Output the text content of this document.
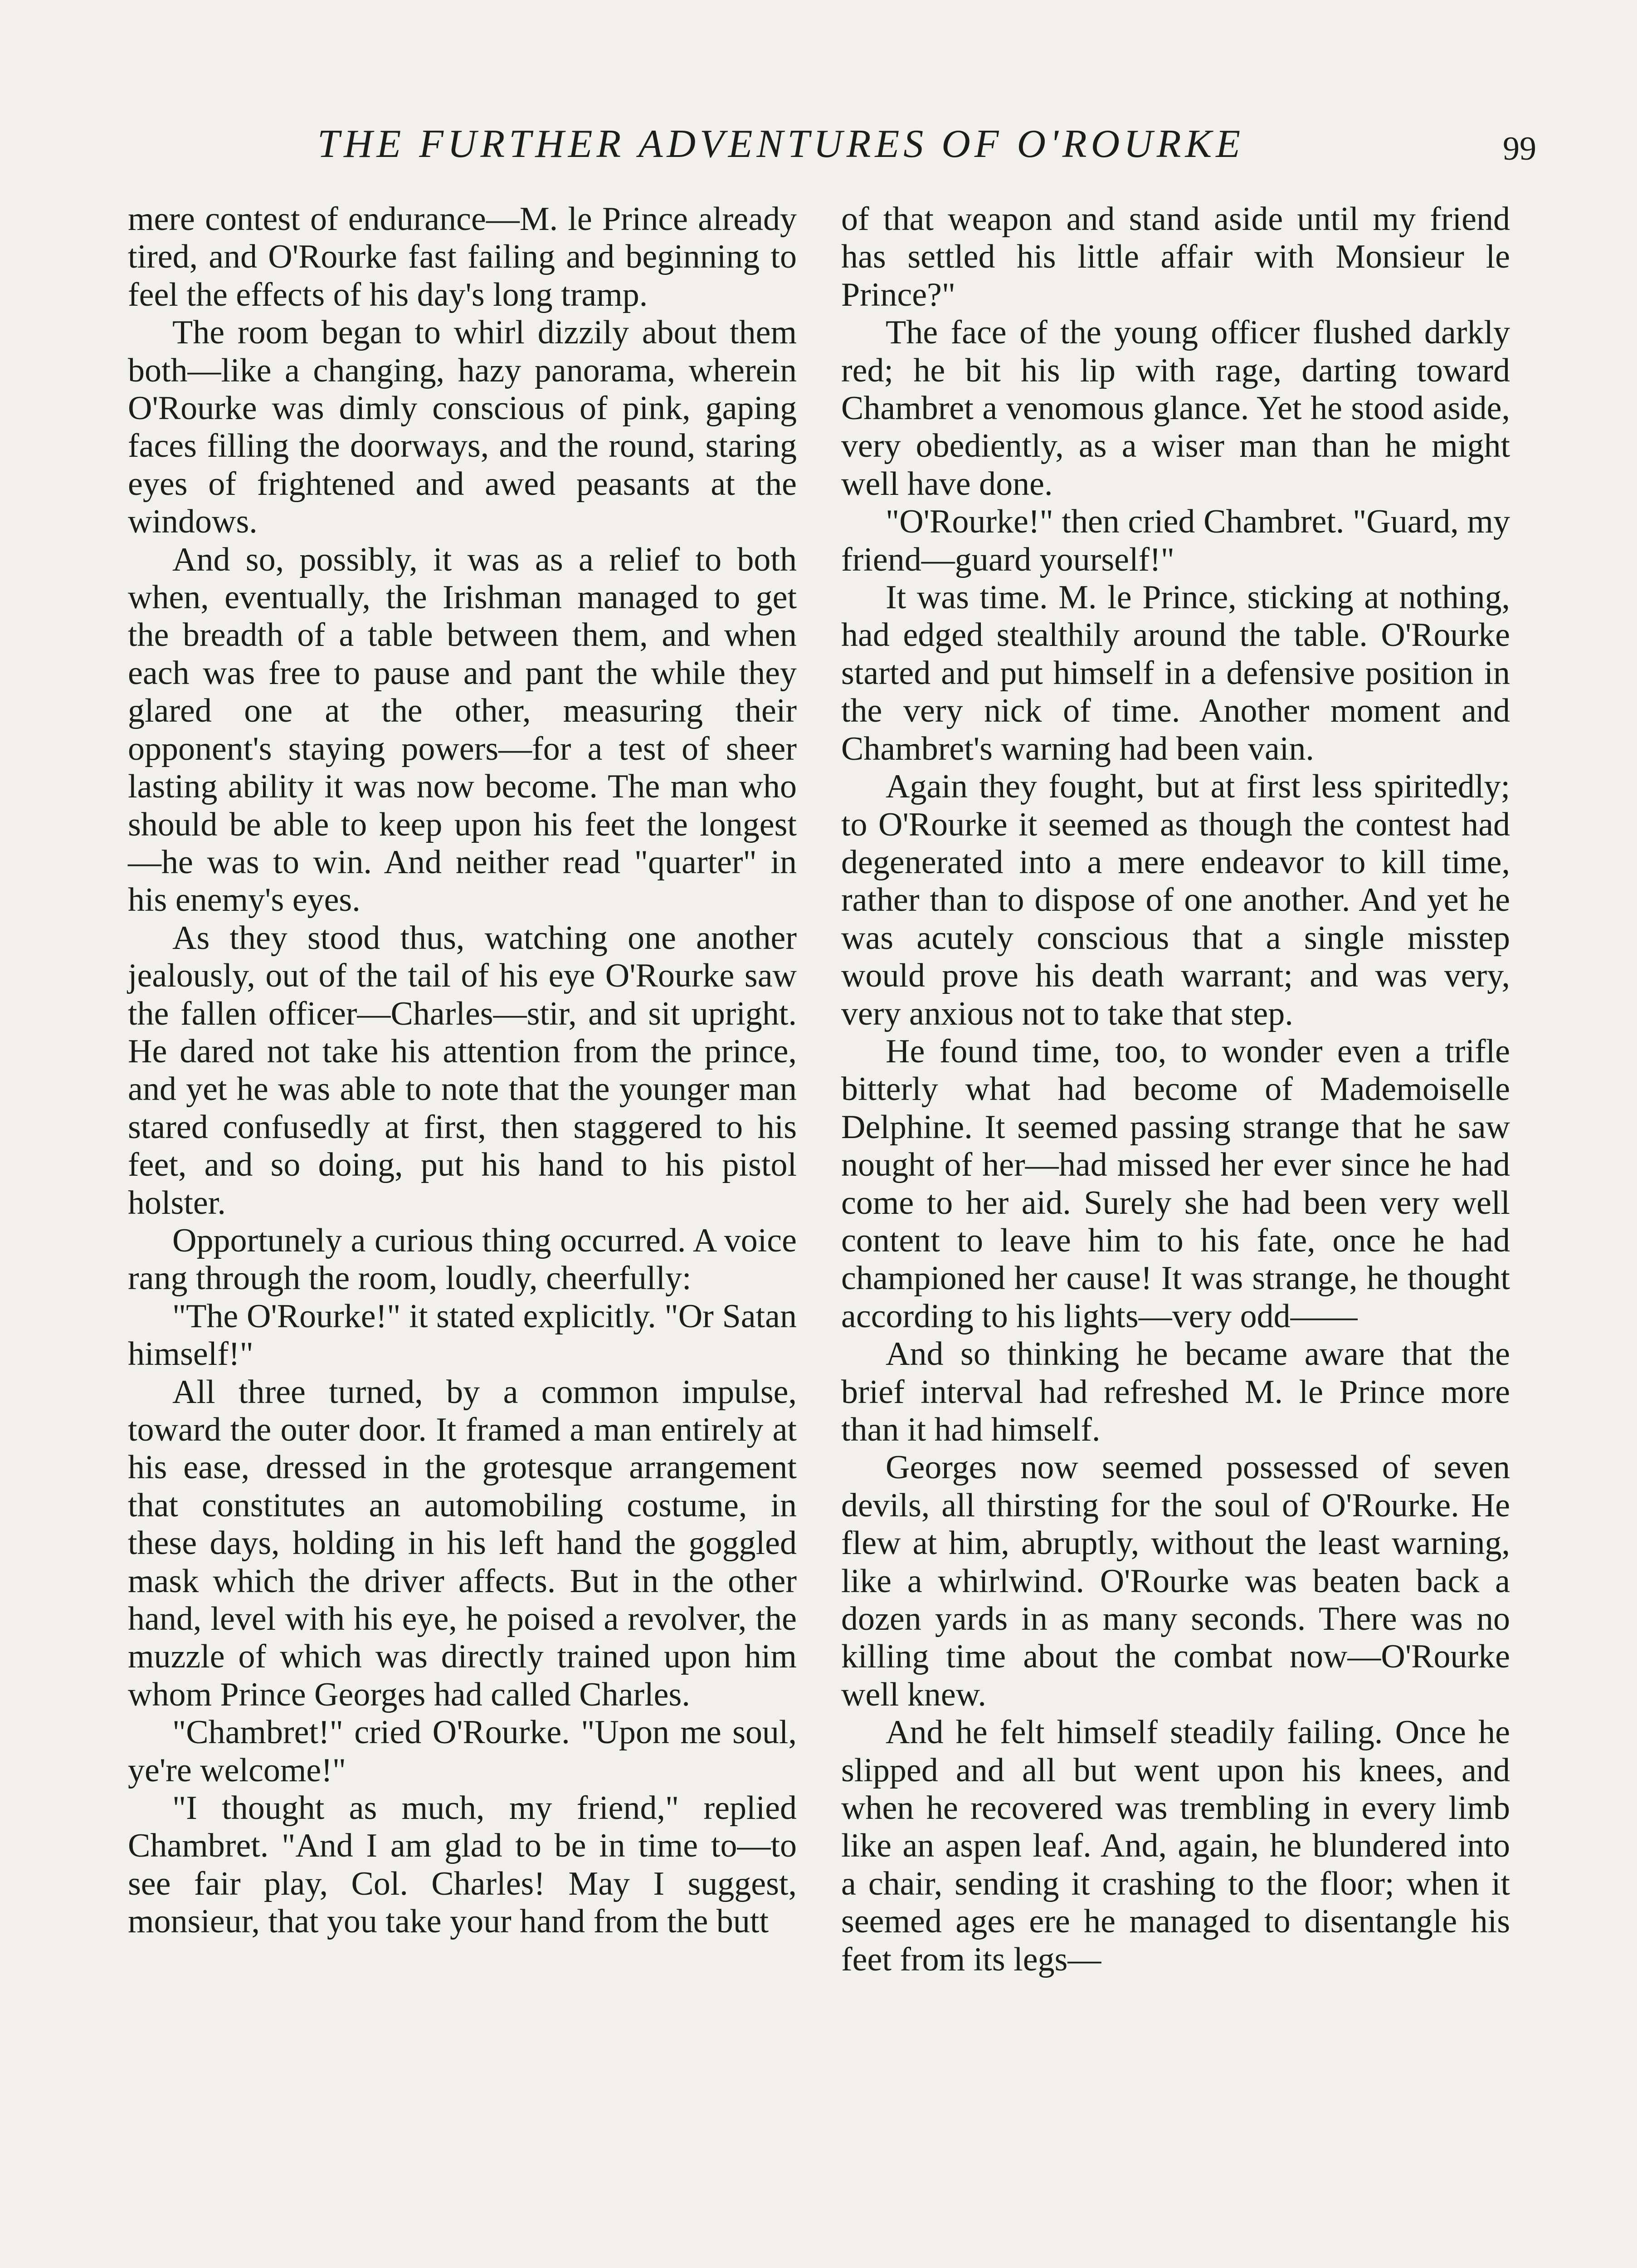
THE FURTHER ADVENTURES OF O'ROURKE	99

mere contest of endurance—M. le Prince already tired, and O'Rourke fast failing and beginning to feel the effects of his day's long tramp.

The room began to whirl dizzily about them both—like a changing, hazy panorama, wherein O'Rourke was dimly conscious of pink, gaping faces filling the doorways, and the round, staring eyes of frightened and awed peasants at the windows.

And so, possibly, it was as a relief to both when, eventually, the Irishman managed to get the breadth of a table between them, and when each was free to pause and pant the while they glared one at the other, measuring their opponent's staying powers—for a test of sheer lasting ability it was now become. The man who should be able to keep upon his feet the longest—he was to win. And neither read "quarter" in his enemy's eyes.

As they stood thus, watching one another jealously, out of the tail of his eye O'Rourke saw the fallen officer—Charles—stir, and sit upright. He dared not take his attention from the prince, and yet he was able to note that the younger man stared confusedly at first, then staggered to his feet, and so doing, put his hand to his pistol holster.

Opportunely a curious thing occurred. A voice rang through the room, loudly, cheerfully:

"The O'Rourke!" it stated explicitly. "Or Satan himself!"

All three turned, by a common impulse, toward the outer door. It framed a man entirely at his ease, dressed in the grotesque arrangement that constitutes an automobiling costume, in these days, holding in his left hand the goggled mask which the driver affects. But in the other hand, level with his eye, he poised a revolver, the muzzle of which was directly trained upon him whom Prince Georges had called Charles.

"Chambret!" cried O'Rourke. "Upon me soul, ye're welcome!"

"I thought as much, my friend," replied Chambret. "And I am glad to be in time to—to see fair play, Col. Charles! May I suggest, monsieur, that you take your hand from the butt

of that weapon and stand aside until my friend has settled his little affair with Monsieur le Prince?"

The face of the young officer flushed darkly red; he bit his lip with rage, darting toward Chambret a venomous glance. Yet he stood aside, very obediently, as a wiser man than he might well have done.

"O'Rourke!" then cried Chambret. "Guard, my friend—guard yourself!"

It was time. M. le Prince, sticking at nothing, had edged stealthily around the table. O'Rourke started and put himself in a defensive position in the very nick of time. Another moment and Chambret's warning had been vain.

Again they fought, but at first less spiritedly; to O'Rourke it seemed as though the contest had degenerated into a mere endeavor to kill time, rather than to dispose of one another. And yet he was acutely conscious that a single misstep would prove his death warrant; and was very, very anxious not to take that step.

He found time, too, to wonder even a trifle bitterly what had become of Mademoiselle Delphine. It seemed passing strange that he saw nought of her—had missed her ever since he had come to her aid. Surely she had been very well content to leave him to his fate, once he had championed her cause! It was strange, he thought according to his lights—very odd——

And so thinking he became aware that the brief interval had refreshed M. le Prince more than it had himself.

Georges now seemed possessed of seven devils, all thirsting for the soul of O'Rourke. He flew at him, abruptly, without the least warning, like a whirlwind. O'Rourke was beaten back a dozen yards in as many seconds. There was no killing time about the combat now—O'Rourke well knew.

And he felt himself steadily failing. Once he slipped and all but went upon his knees, and when he recovered was trembling in every limb like an aspen leaf. And, again, he blundered into a chair, sending it crashing to the floor; when it seemed ages ere he managed to disentangle his feet from its legs—
